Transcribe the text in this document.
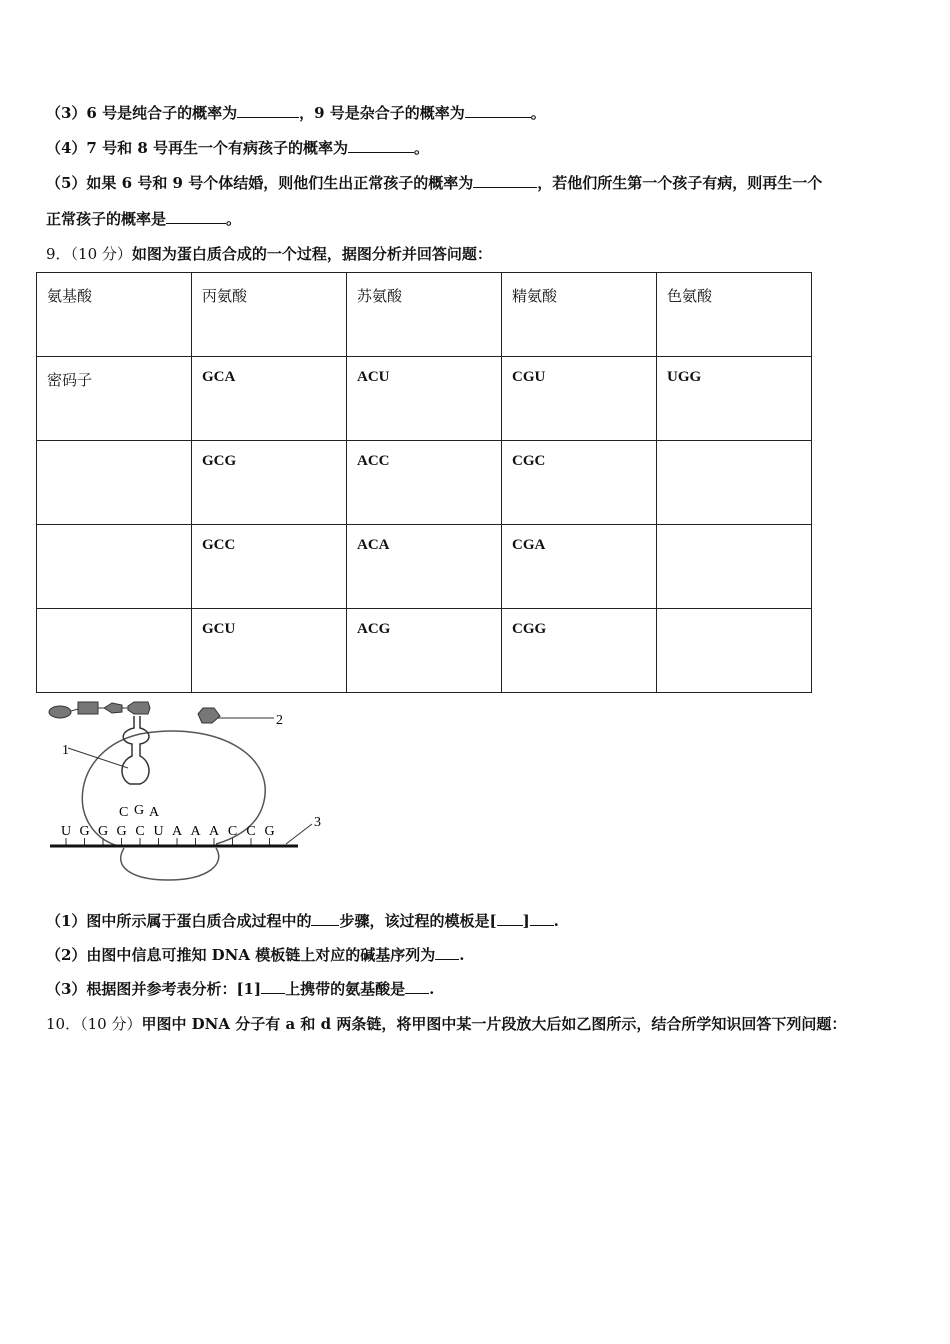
（3）6 号是纯合子的概率为	，9 号是杂合子的概率为	。
（4）7 号和 8 号再生一个有病孩子的概率为	。
（5）如果 6 号和 9 号个体结婚，则他们生出正常孩子的概率为	，若他们所生第一个孩子有病，则再生一个
正常孩子的概率是	。
9．（10 分）如图为蛋白质合成的一个过程，据图分析并回答问题：
氨基酸	丙氨酸	苏氨酸	精氨酸	色氨酸
密码子	GCA	ACU	CGU	UGG
	GCG	ACC	CGC	
	GCC	ACA	CGA	
	GCU	ACG	CGG	
2
1
C G A
U G G G C U A A A C C G
3
（1）图中所示属于蛋白质合成过程中的 步骤，该过程的模板是[ ] .
（2）由图中信息可推知 DNA 模板链上对应的碱基序列为 .
（3）根据图并参考表分析：[1] 上携带的氨基酸是 .
10．（10 分）甲图中 DNA 分子有 a 和 d 两条链，将甲图中某一片段放大后如乙图所示，结合所学知识回答下列问题：
